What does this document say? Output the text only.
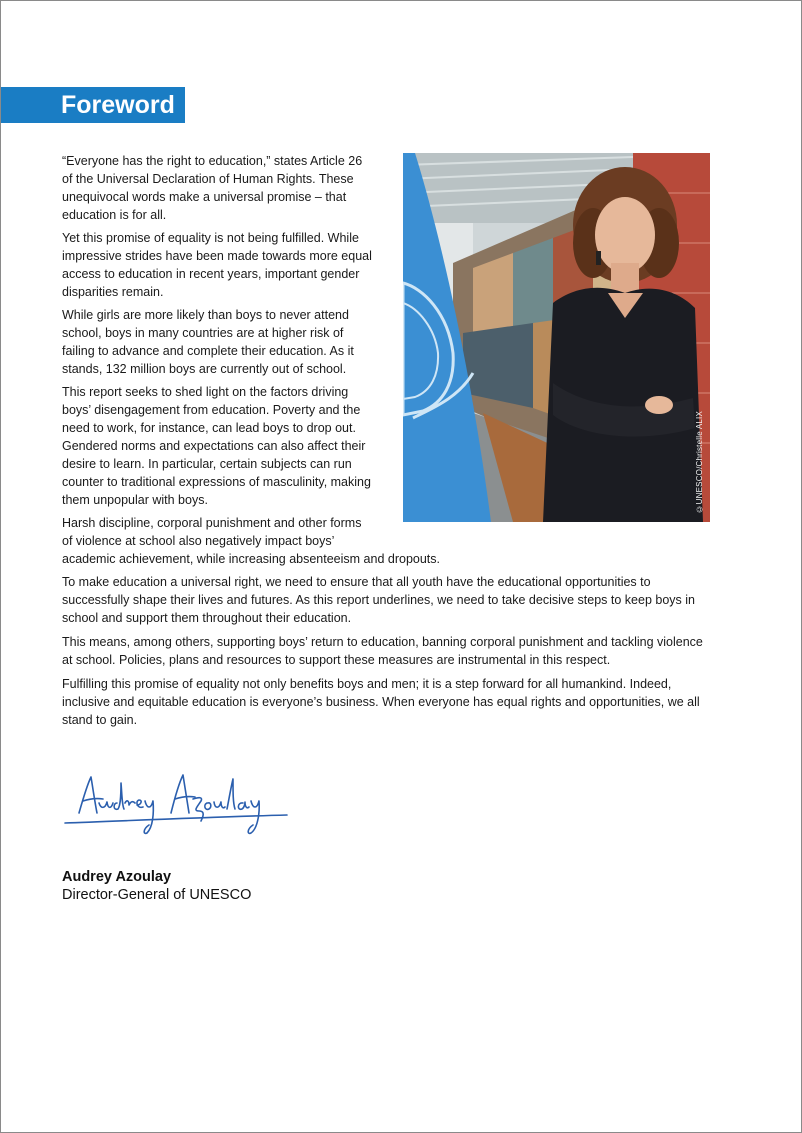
Foreword

“Everyone has the right to education,” states Article 26 of the Universal Declaration of Human Rights. These unequivocal words make a universal promise – that education is for all.

Yet this promise of equality is not being fulfilled. While impressive strides have been made towards more equal access to education in recent years, important gender disparities remain.

While girls are more likely than boys to never attend school, boys in many countries are at higher risk of failing to advance and complete their education. As it stands, 132 million boys are currently out of school.

This report seeks to shed light on the factors driving boys’ disengagement from education. Poverty and the need to work, for instance, can lead boys to drop out. Gendered norms and expectations can also affect their desire to learn. In particular, certain subjects can run counter to traditional expressions of masculinity, making them unpopular with boys.

Harsh discipline, corporal punishment and other forms
of violence at school also negatively impact boys’
academic achievement, while increasing absenteeism and dropouts.

To make education a universal right, we need to ensure that all youth have the educational opportunities to successfully shape their lives and futures. As this report underlines, we need to take decisive steps to keep boys in school and support them throughout their education.

This means, among others, supporting boys’ return to education, banning corporal punishment and tackling violence at school. Policies, plans and resources to support these measures are instrumental in this respect.

Fulfilling this promise of equality not only benefits boys and men; it is a step forward for all humankind. Indeed, inclusive and equitable education is everyone’s business. When everyone has equal rights and opportunities, we all stand to gain.

©UNESCO/Christelle ALIX
Audrey Azoulay
Director-General of UNESCO
